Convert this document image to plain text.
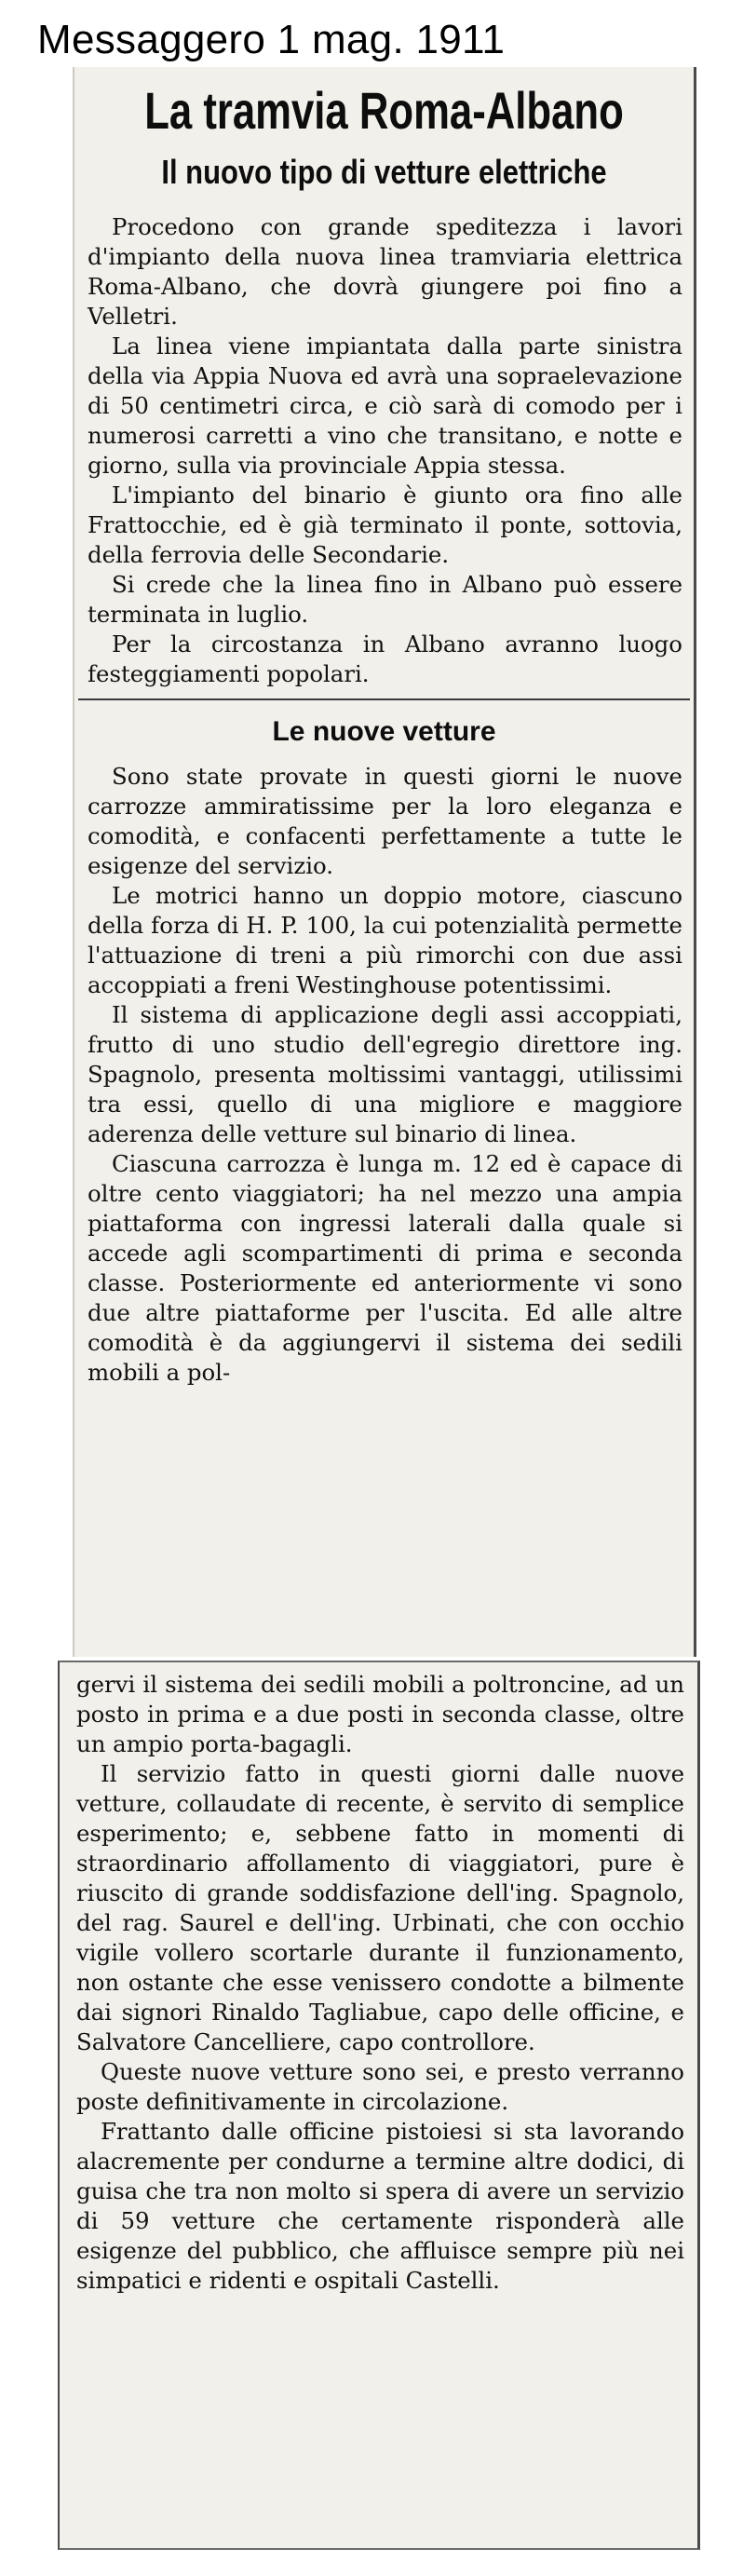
Messaggero 1 mag. 1911
La tramvia Roma-Albano
Il nuovo tipo di vetture elettriche

Procedono con grande speditezza i lavori d'impianto della nuova linea tramviaria elettrica Roma-Albano, che dovrà giungere poi fino a Velletri.

La linea viene impiantata dalla parte sinistra della via Appia Nuova ed avrà una sopraelevazione di 50 centimetri circa, e ciò sarà di comodo per i numerosi carretti a vino che transitano, e notte e giorno, sulla via provinciale Appia stessa.

L'impianto del binario è giunto ora fino alle Frattocchie, ed è già terminato il ponte, sottovia, della ferrovia delle Secondarie.

Si crede che la linea fino in Albano può essere terminata in luglio.

Per la circostanza in Albano avranno luogo festeggiamenti popolari.

Le nuove vetture

Sono state provate in questi giorni le nuove carrozze ammiratissime per la loro eleganza e comodità, e confacenti perfettamente a tutte le esigenze del servizio.

Le motrici hanno un doppio motore, ciascuno della forza di H. P. 100, la cui potenzialità permette l'attuazione di treni a più rimorchi con due assi accoppiati a freni Westinghouse potentissimi.

Il sistema di applicazione degli assi accoppiati, frutto di uno studio dell'egregio direttore ing. Spagnolo, presenta moltissimi vantaggi, utilissimi tra essi, quello di una migliore e maggiore aderenza delle vetture sul binario di linea.

Ciascuna carrozza è lunga m. 12 ed è capace di oltre cento viaggiatori; ha nel mezzo una ampia piattaforma con ingressi laterali dalla quale si accede agli scompartimenti di prima e seconda classe. Posteriormente ed anteriormente vi sono due altre piattaforme per l'uscita. Ed alle altre comodità è da aggiungervi il sistema dei sedili mobili a pol-

gervi il sistema dei sedili mobili a poltroncine, ad un posto in prima e a due posti in seconda classe, oltre un ampio porta-bagagli.

Il servizio fatto in questi giorni dalle nuove vetture, collaudate di recente, è servito di semplice esperimento; e, sebbene fatto in momenti di straordinario affollamento di viaggiatori, pure è riuscito di grande soddisfazione dell'ing. Spagnolo, del rag. Saurel e dell'ing. Urbinati, che con occhio vigile vollero scortarle durante il funzionamento, non ostante che esse venissero condotte a bilmente dai signori Rinaldo Tagliabue, capo delle officine, e Salvatore Cancelliere, capo controllore.

Queste nuove vetture sono sei, e presto verranno poste definitivamente in circolazione.

Frattanto dalle officine pistoiesi si sta lavorando alacremente per condurne a termine altre dodici, di guisa che tra non molto si spera di avere un servizio di 59 vetture che certamente risponderà alle esigenze del pubblico, che affluisce sempre più nei simpatici e ridenti e ospitali Castelli.
